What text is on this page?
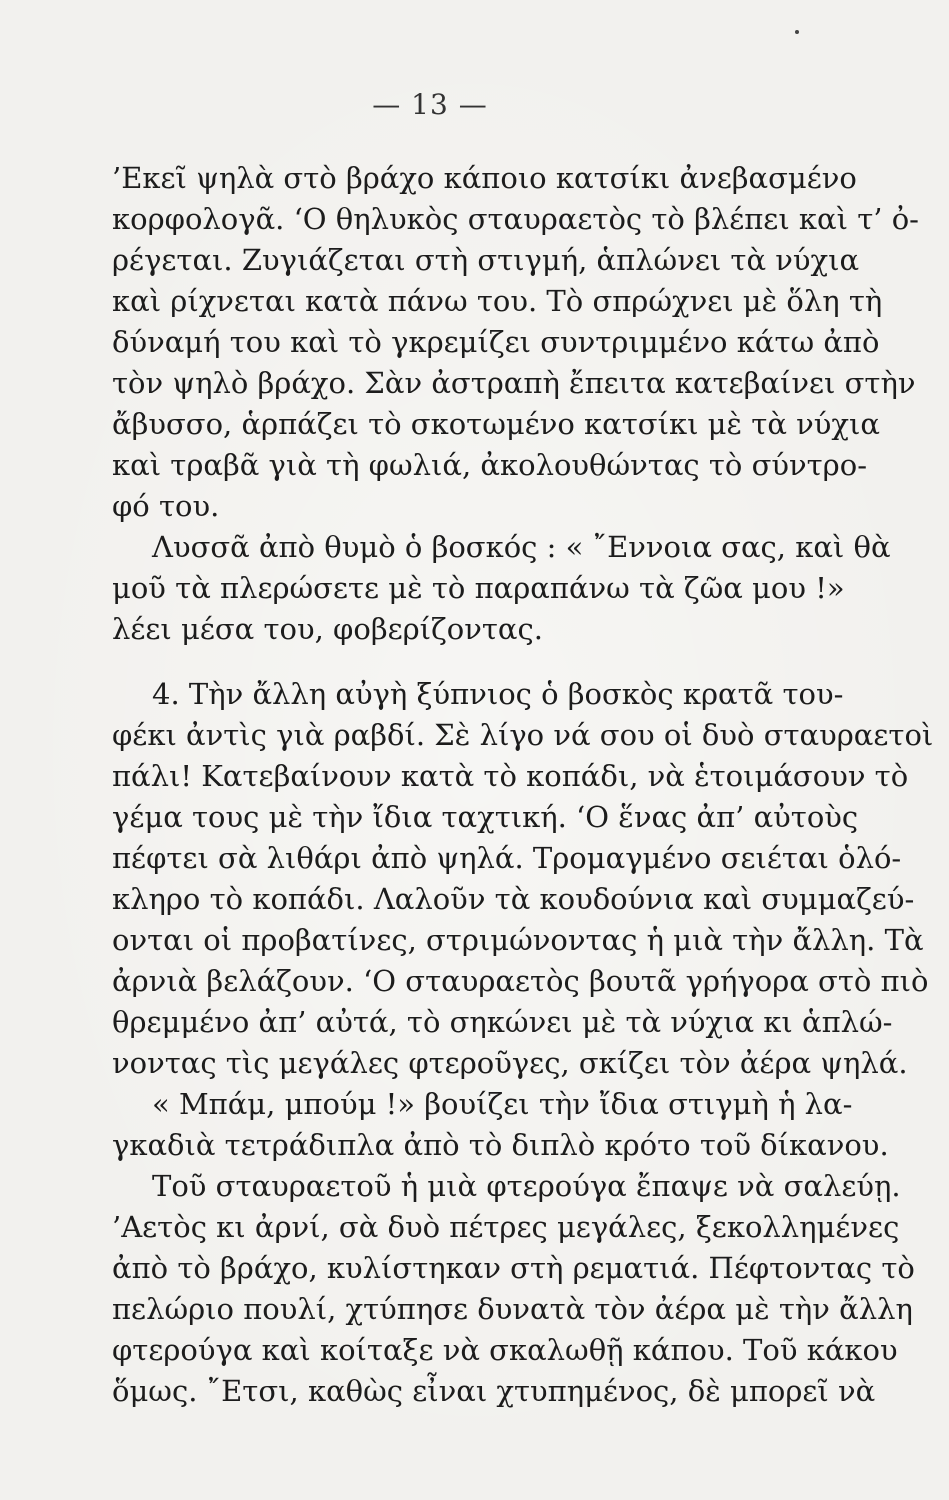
— 13 —
’Εκεῖ ψηλὰ στὸ βράχο κάποιο κατσίκι ἀνεβασμένο
κορφολογᾶ. ‘Ο θηλυκὸς σταυραετὸς τὸ βλέπει καὶ τ’ ὀ-
ρέγεται. Ζυγιάζεται στὴ στιγμή, ἁπλώνει τὰ νύχια
καὶ ρίχνεται κατὰ πάνω του. Τὸ σπρώχνει μὲ ὅλη τὴ
δύναμή του καὶ τὸ γκρεμίζει συντριμμένο κάτω ἀπὸ
τὸν ψηλὸ βράχο. Σὰν ἀστραπὴ ἔπειτα κατεβαίνει στὴν
ἄβυσσο, ἁρπάζει τὸ σκοτωμένο κατσίκι μὲ τὰ νύχια
καὶ τραβᾶ γιὰ τὴ φωλιά, ἀκολουθώντας τὸ σύντρο-
φό του.
Λυσσᾶ ἀπὸ θυμὸ ὁ βοσκός : « ῎Εννοια σας, καὶ θὰ
μοῦ τὰ πλερώσετε μὲ τὸ παραπάνω τὰ ζῶα μου !»
λέει μέσα του, φοβερίζοντας.
4. Τὴν ἄλλη αὐγὴ ξύπνιος ὁ βοσκὸς κρατᾶ του-
φέκι ἀντὶς γιὰ ραβδί. Σὲ λίγο νά σου οἱ δυὸ σταυραετοὶ
πάλι! Κατεβαίνουν κατὰ τὸ κοπάδι, νὰ ἑτοιμάσουν τὸ
γέμα τους μὲ τὴν ἴδια ταχτική. ‘Ο ἕνας ἀπ’ αὐτοὺς
πέφτει σὰ λιθάρι ἀπὸ ψηλά. Τρομαγμένο σειέται ὁλό-
κληρο τὸ κοπάδι. Λαλοῦν τὰ κουδούνια καὶ συμμαζεύ-
ονται οἱ προβατίνες, στριμώνοντας ἡ μιὰ τὴν ἄλλη. Τὰ
ἀρνιὰ βελάζουν. ‘Ο σταυραετὸς βουτᾶ γρήγορα στὸ πιὸ
θρεμμένο ἀπ’ αὐτά, τὸ σηκώνει μὲ τὰ νύχια κι ἁπλώ-
νοντας τὶς μεγάλες φτεροῦγες, σκίζει τὸν ἀέρα ψηλά.
« Μπάμ, μπούμ !» βουίζει τὴν ἴδια στιγμὴ ἡ λα-
γκαδιὰ τετράδιπλα ἀπὸ τὸ διπλὸ κρότο τοῦ δίκανου.
Τοῦ σταυραετοῦ ἡ μιὰ φτερούγα ἔπαψε νὰ σαλεύῃ.
’Αετὸς κι ἀρνί, σὰ δυὸ πέτρες μεγάλες, ξεκολλημένες
ἀπὸ τὸ βράχο, κυλίστηκαν στὴ ρεματιά. Πέφτοντας τὸ
πελώριο πουλί, χτύπησε δυνατὰ τὸν ἀέρα μὲ τὴν ἄλλη
φτερούγα καὶ κοίταξε νὰ σκαλωθῇ κάπου. Τοῦ κάκου
ὅμως. ῎Ετσι, καθὼς εἶναι χτυπημένος, δὲ μπορεῖ νὰ
